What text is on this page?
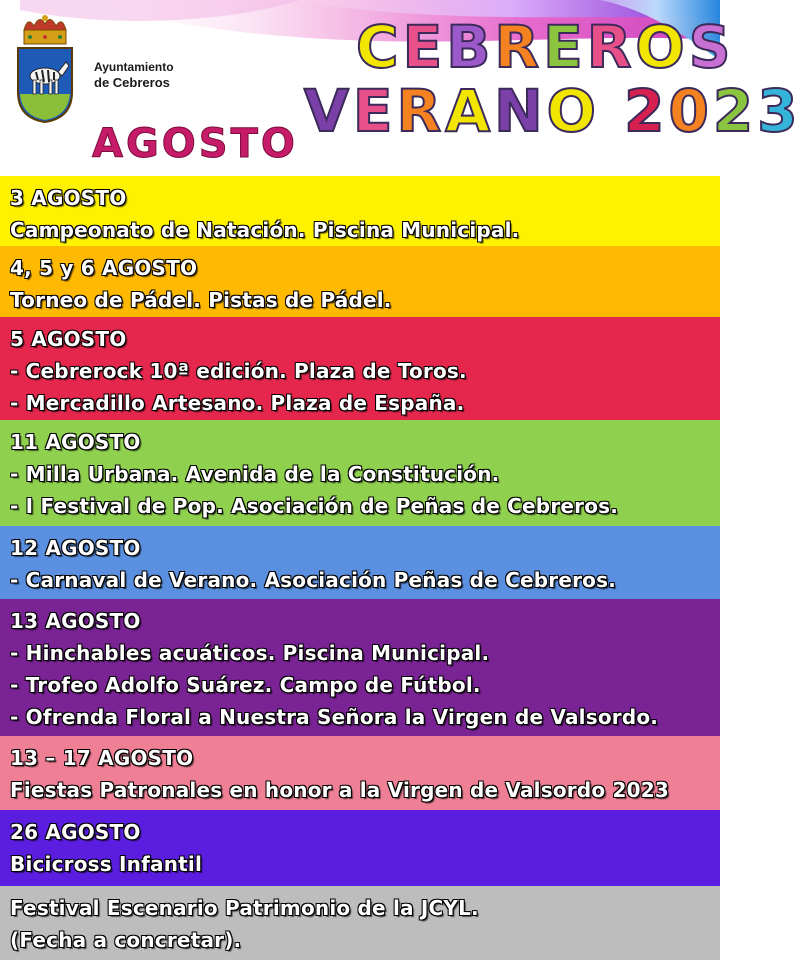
Ayuntamiento
de Cebreros
CEBREROS
VERANO 2023
AGOSTO
3 AGOSTO
Campeonato de Natación. Piscina Municipal.
4, 5 y 6 AGOSTO
Torneo de Pádel. Pistas de Pádel.
5 AGOSTO
- Cebrerock 10ª edición. Plaza de Toros.
- Mercadillo Artesano. Plaza de España.
11 AGOSTO
- Milla Urbana. Avenida de la Constitución.
- I Festival de Pop. Asociación de Peñas de Cebreros.
12 AGOSTO
- Carnaval de Verano. Asociación Peñas de Cebreros.
13 AGOSTO
- Hinchables acuáticos. Piscina Municipal.
- Trofeo Adolfo Suárez. Campo de Fútbol.
- Ofrenda Floral a Nuestra Señora la Virgen de Valsordo.
13 – 17 AGOSTO
Fiestas Patronales en honor a la Virgen de Valsordo 2023
26 AGOSTO
Bicicross Infantil
Festival Escenario Patrimonio de la JCYL.
(Fecha a concretar).
